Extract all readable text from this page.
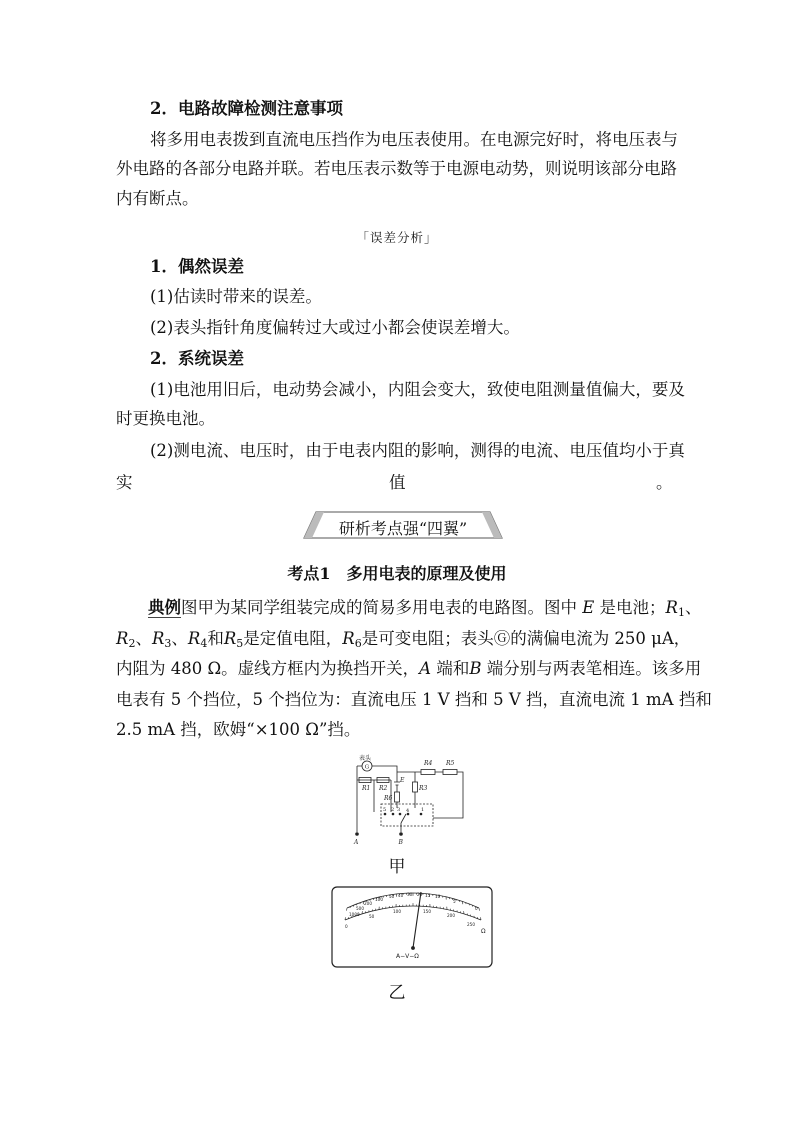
2．电路故障检测注意事项
将多用电表拨到直流电压挡作为电压表使用。在电源完好时，将电压表与
外电路的各部分电路并联。若电压表示数等于电源电动势，则说明该部分电路
内有断点。
「误差分析」
1．偶然误差
(1)估读时带来的误差。
(2)表头指针角度偏转过大或过小都会使误差增大。
2．系统误差
(1)电池用旧后，电动势会减小，内阻会变大，致使电阻测量值偏大，要及
时更换电池。
(2)测电流、电压时，由于电表内阻的影响，测得的电流、电压值均小于真
实	值	。
研析考点强“四翼”
考点1　多用电表的原理及使用
典例图甲为某同学组装完成的简易多用电表的电路图。图中 E 是电池；$R_1$、
$R_2$、$R_3$、$R_4$和$R_5$是定值电阻，$R_6$是可变电阻；表头Ⓖ的满偏电流为 250 μA，
内阻为 480 Ω。虚线方框内为换挡开关，A 端和B 端分别与两表笔相连。该多用
电表有 5 个挡位，5 个挡位为：直流电压 1 V 挡和 5 V 挡，直流电流 1 mA 挡和
2.5 mA 挡，欧姆“×100 Ω”挡。
表头
G
R1 R2
A
R4 R5
E
R6
R3
5 3 4
2	1
B
甲
1000
500
200
100
50 40 30 20 15 10
5
0
0
50
100	150
200
250
Ω
A−V−Ω
乙
